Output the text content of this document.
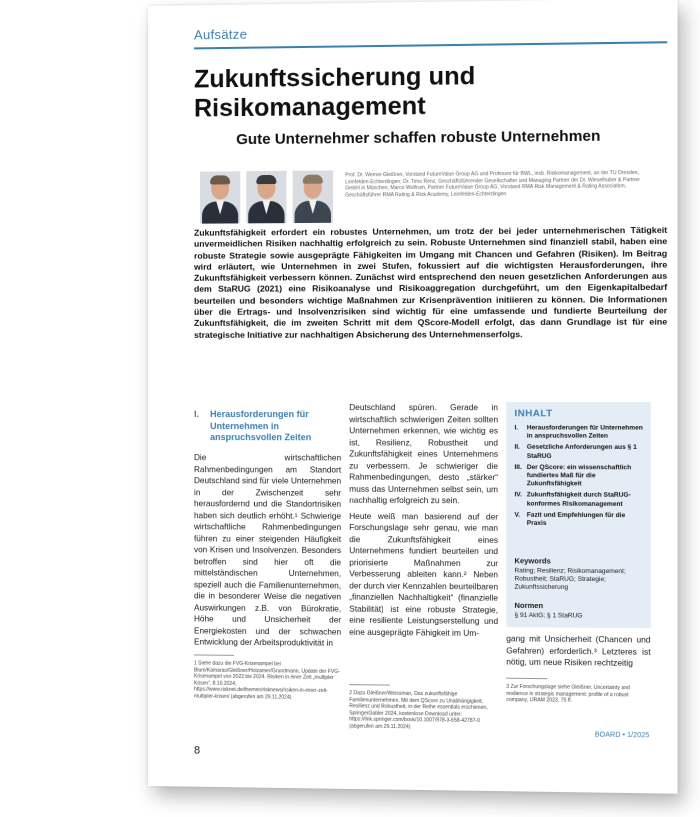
Aufsätze
Zukunftssicherung und Risikomanagement
Gute Unternehmer schaffen robuste Unternehmen
Prof. Dr. Werner Gleißner, Vorstand FutureValue Group AG und Professor für BWL, insb. Risikomanagement, an der TU Dresden, Leinfelden-Echterdingen; Dr. Timo Renz, Geschäftsführender Gesellschafter und Managing Partner der Dr. Wieselhuber & Partner GmbH in München; Marco Wolfrum, Partner FutureValue Group AG, Vorstand RMA Risk Management & Rating Association, Geschäftsführer RMA Rating & Risk Academy, Leinfelden-Echterdingen

Zukunftsfähigkeit erfordert ein robustes Unternehmen, um trotz der bei jeder unternehmerischen Tätigkeit unvermeidlichen Risiken nachhaltig erfolgreich zu sein. Robuste Unternehmen sind finanziell stabil, haben eine robuste Strategie sowie ausgeprägte Fähigkeiten im Umgang mit Chancen und Gefahren (Risiken). Im Beitrag wird erläutert, wie Unternehmen in zwei Stufen, fokussiert auf die wichtigsten Herausforderungen, ihre Zukunftsfähigkeit verbessern können. Zunächst wird entsprechend den neuen gesetzlichen Anforderungen aus dem StaRUG (2021) eine Risikoanalyse und Risikoaggregation durchgeführt, um den Eigenkapitalbedarf beurteilen und besonders wichtige Maßnahmen zur Krisenprävention initiieren zu können. Die Informationen über die Ertrags- und Insolvenzrisiken sind wichtig für eine umfassende und fundierte Beurteilung der Zukunftsfähigkeit, die im zweiten Schritt mit dem QScore-Modell erfolgt, das dann Grundlage ist für eine strategische Initiative zur nachhaltigen Absicherung des Unternehmenserfolgs.

I. Herausforderungen für Unternehmen in anspruchsvollen Zeiten

Die wirtschaftlichen Rahmenbedingungen am Standort Deutschland sind für viele Unternehmen in der Zwischenzeit sehr herausfordernd und die Standortrisiken haben sich deutlich erhöht.¹ Schwierige wirtschaftliche Rahmenbedingungen führen zu einer steigenden Häufigkeit von Krisen und Insolvenzen. Besonders betroffen sind hier oft die mittelständischen Unternehmen, speziell auch die Familienunternehmen, die in besonderer Weise die negativen Auswirkungen z.B. von Bürokratie, Höhe und Unsicherheit der Energiekosten und der schwachen Entwicklung der Arbeitsproduktivität in

Deutschland spüren. Gerade in wirtschaftlich schwierigen Zeiten sollten Unternehmen erkennen, wie wichtig es ist, Resilienz, Robustheit und Zukunftsfähigkeit eines Unternehmens zu verbessern. Je schwieriger die Rahmenbedingungen, desto „stärker“ muss das Unternehmen selbst sein, um nachhaltig erfolgreich zu sein.

Heute weiß man basierend auf der Forschungslage sehr genau, wie man die Zukunftsfähigkeit eines Unternehmens fundiert beurteilen und priorisierte Maßnahmen zur Verbesserung ableiten kann.² Neben der durch vier Kennzahlen beurteilbaren „finanziellen Nachhaltigkeit“ (finanzielle Stabilität) ist eine robuste Strategie, eine resiliente Leistungserstellung und eine ausgeprägte Fähigkeit im Um-

INHALT
I.	Herausforderungen für Unternehmen in anspruchsvollen Zeiten
II.	Gesetzliche Anforderungen aus § 1 StaRUG
III. Der QScore: ein wissenschaftlich fundiertes Maß für die Zukunftsfähigkeit
IV. Zukunftsfähigkeit durch StaRUG-konformes Risikomanagement
V.	Fazit und Empfehlungen für die Praxis
Keywords
Rating; Resilienz; Risikomanagement; Robustheit; StaRUG; Strategie; Zukunftssicherung
Normen
§ 91 AktG; § 1 StaRUG

gang mit Unsicherheit (Chancen und Gefahren) erforderlich.³ Letzteres ist nötig, um neue Risiken rechtzeitig

1 Siehe dazu die FVG-Krisenampel bei Blum/Kamaras/Gleißner/Holzamer/Grundmann, Update der FVG-Krisenampel von 2022 bis 2024. Risiken in einer Zeit „multipler Krisen“, 8.10.2024, https://www.risknet.de/themen/risknews/risiken-in-einer-zeit-multipler-krisen/ (abgerufen am 29.11.2024)	2 Dazu Gleißner/Weissman, Das zukunftsfähige Familienunternehmen. Mit dem QScore zu Unabhängigkeit, Resilienz und Robustheit, in der Reihe essentials erschienen, SpringerGabler 2024, kostenlose Download unter: https://link.springer.com/book/10.1007/978-3-658-42787-0 (abgerufen am 29.11.2024)
3 Zur Forschungslage siehe Gleißner, Uncertainty and resilience in strategic management: profile of a robust company, IJRAM 2023, 75 ff.
BOARD • 1/2025
8
